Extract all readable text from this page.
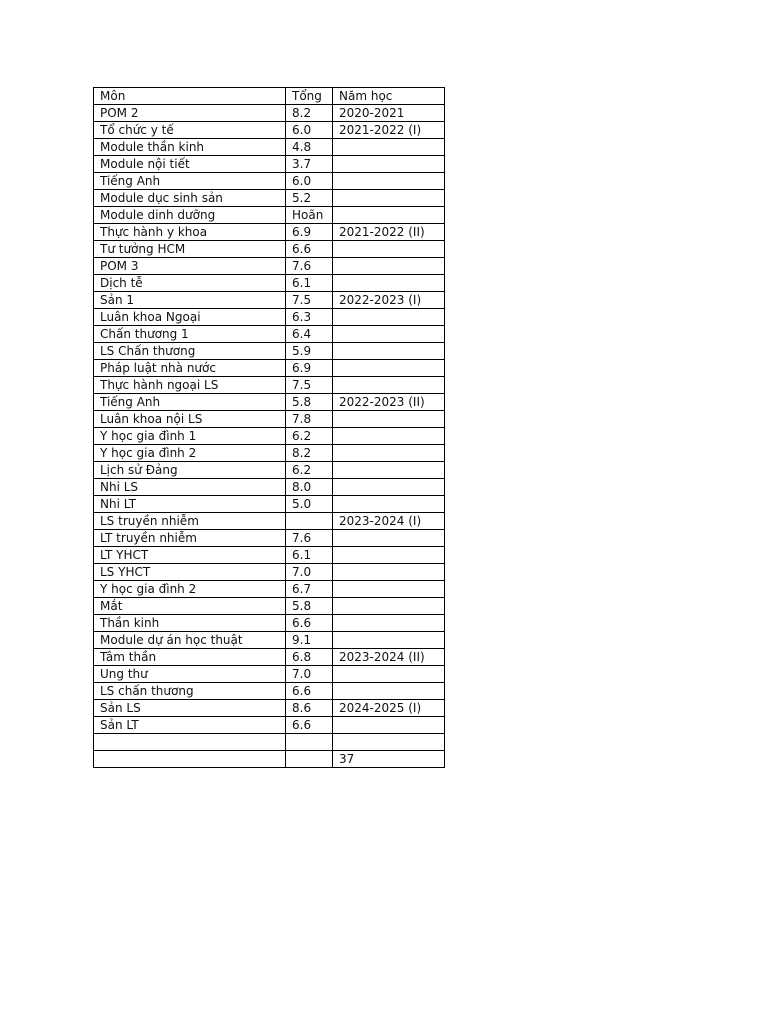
Môn	Tổng	Năm học
POM 2	8.2	2020-2021
Tổ chức y tế	6.0	2021-2022 (I)
Module thần kinh	4.8	
Module nội tiết	3.7	
Tiếng Anh	6.0	
Module dục sinh sản	5.2	
Module dinh dưỡng	Hoãn	
Thực hành y khoa	6.9	2021-2022 (II)
Tư tưởng HCM	6.6	
POM 3	7.6	
Dịch tễ	6.1	
Sản 1	7.5	2022-2023 (I)
Luân khoa Ngoại	6.3	
Chấn thương 1	6.4	
LS Chấn thương	5.9	
Pháp luật nhà nước	6.9	
Thực hành ngoại LS	7.5	
Tiếng Anh	5.8	2022-2023 (II)
Luân khoa nội LS	7.8	
Y học gia đình 1	6.2	
Y học gia đình 2	8.2	
Lịch sử Đảng	6.2	
Nhi LS	8.0	
Nhi LT	5.0	
LS truyền nhiễm		2023-2024 (I)
LT truyền nhiễm	7.6	
LT YHCT	6.1	
LS YHCT	7.0	
Y học gia đình 2	6.7	
Mắt	5.8	
Thần kinh	6.6	
Module dự án học thuật	9.1	
Tâm thần	6.8	2023-2024 (II)
Ung thư	7.0	
LS chấn thương	6.6	
Sản LS	8.6	2024-2025 (I)
Sản LT	6.6	

		37
